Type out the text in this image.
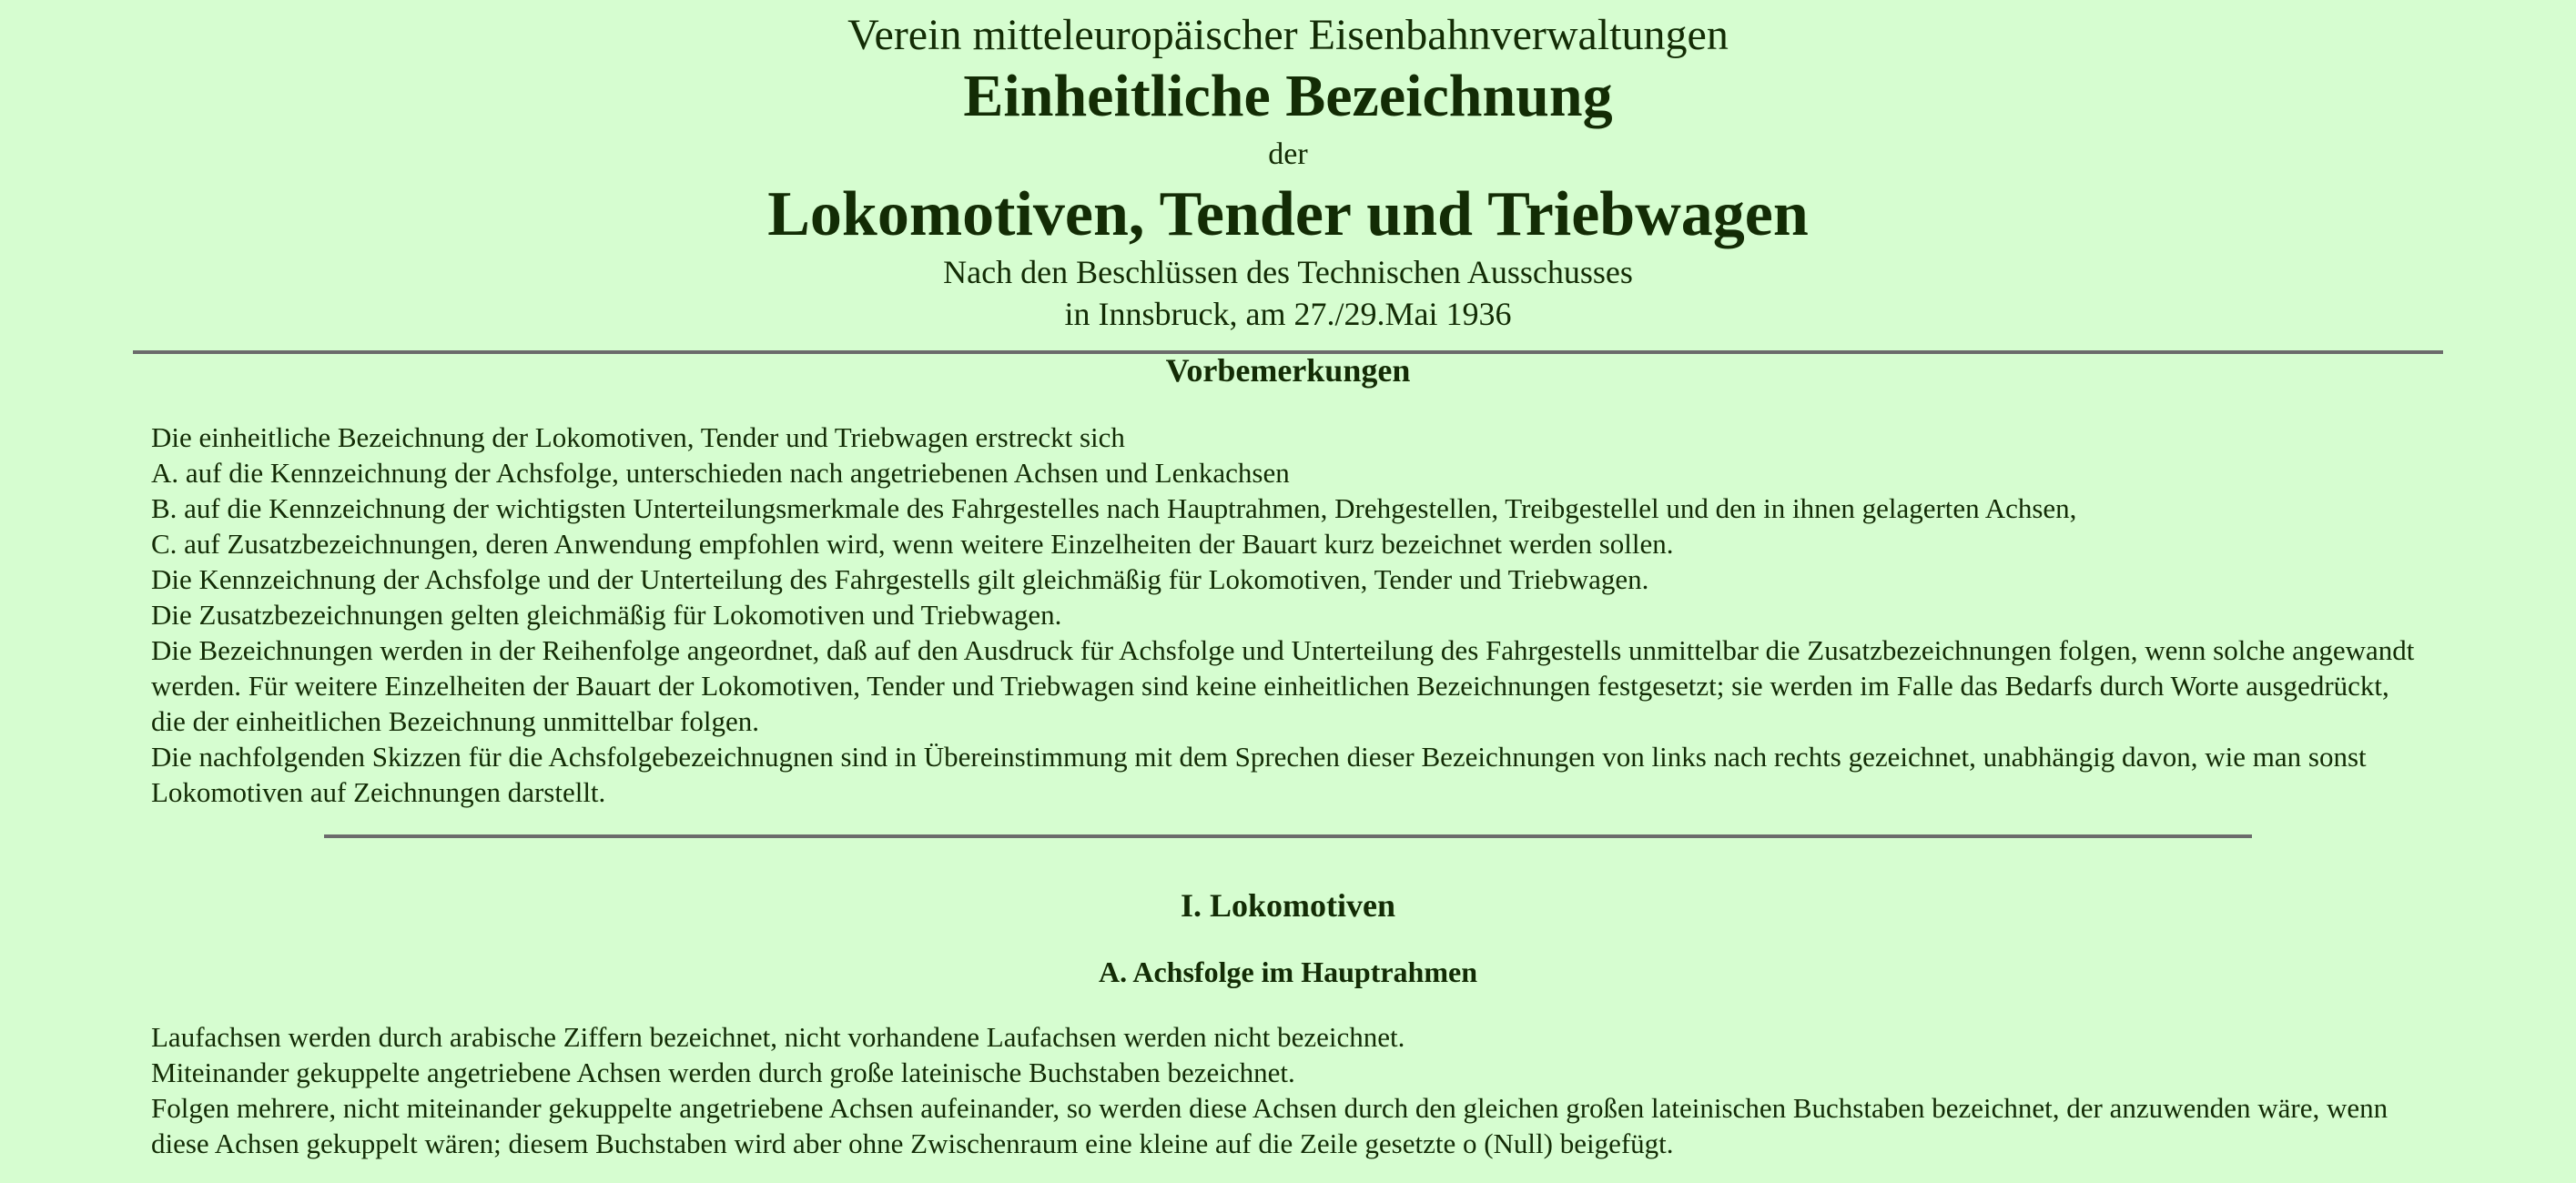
Verein mitteleuropäischer Eisenbahnverwaltungen
Einheitliche Bezeichnung
der
Lokomotiven, Tender und Triebwagen
Nach den Beschlüssen des Technischen Ausschusses
in Innsbruck, am 27./29.Mai 1936
Vorbemerkungen

Die einheitliche Bezeichnung der Lokomotiven, Tender und Triebwagen erstreckt sich

A. auf die Kennzeichnung der Achsfolge, unterschieden nach angetriebenen Achsen und Lenkachsen

B. auf die Kennzeichnung der wichtigsten Unterteilungsmerkmale des Fahrgestelles nach Hauptrahmen, Drehgestellen, Treibgestellel und den in ihnen gelagerten Achsen,

C. auf Zusatzbezeichnungen, deren Anwendung empfohlen wird, wenn weitere Einzelheiten der Bauart kurz bezeichnet werden sollen.

Die Kennzeichnung der Achsfolge und der Unterteilung des Fahrgestells gilt gleichmäßig für Lokomotiven, Tender und Triebwagen.

Die Zusatzbezeichnungen gelten gleichmäßig für Lokomotiven und Triebwagen.

Die Bezeichnungen werden in der Reihenfolge angeordnet, daß auf den Ausdruck für Achsfolge und Unterteilung des Fahrgestells unmittelbar die Zusatzbezeichnungen folgen, wenn solche angewandt werden. Für weitere Einzelheiten der Bauart der Lokomotiven, Tender und Triebwagen sind keine einheitlichen Bezeichnungen festgesetzt; sie werden im Falle das Bedarfs durch Worte ausgedrückt, die der einheitlichen Bezeichnung unmittelbar folgen.

Die nachfolgenden Skizzen für die Achsfolgebezeichnugnen sind in Übereinstimmung mit dem Sprechen dieser Bezeichnungen von links nach rechts gezeichnet, unabhängig davon, wie man sonst Lokomotiven auf Zeichnungen darstellt.

I. Lokomotiven
A. Achsfolge im Hauptrahmen

Laufachsen werden durch arabische Ziffern bezeichnet, nicht vorhandene Laufachsen werden nicht bezeichnet.

Miteinander gekuppelte angetriebene Achsen werden durch große lateinische Buchstaben bezeichnet.

Folgen mehrere, nicht miteinander gekuppelte angetriebene Achsen aufeinander, so werden diese Achsen durch den gleichen großen lateinischen Buchstaben bezeichnet, der anzuwenden wäre, wenn diese Achsen gekuppelt wären; diesem Buchstaben wird aber ohne Zwischenraum eine kleine auf die Zeile gesetzte o (Null) beigefügt.
